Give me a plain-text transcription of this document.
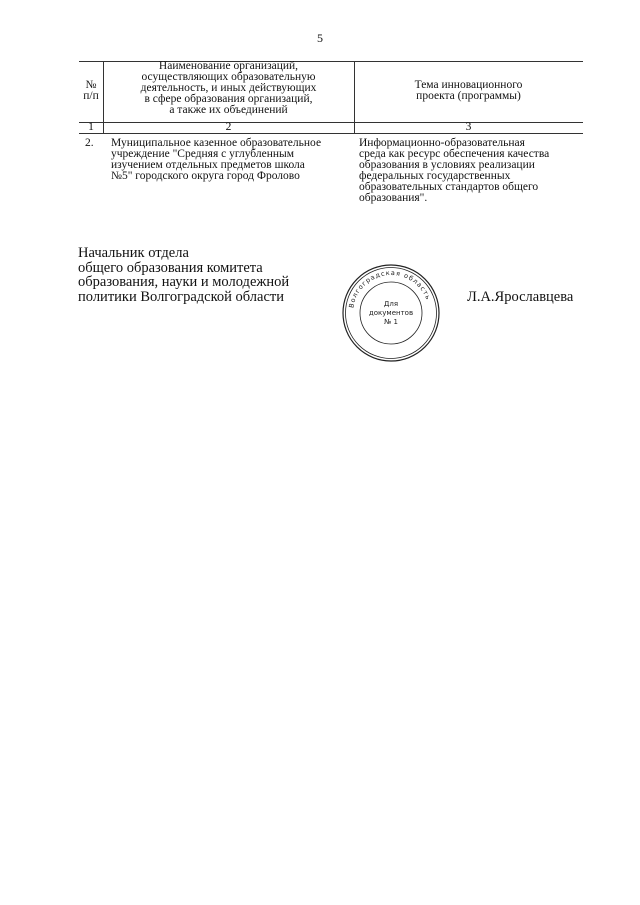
5
№
п/п
Наименование организаций,
осуществляющих образовательную
деятельность, и иных действующих
в сфере образования организаций,
а также их объединений
Тема инновационного
проекта (программы)
1	2	3
2. Муниципальное казенное образовательное
учреждение "Средняя с углубленным
изучением отдельных предметов школа
№5" городского округа город Фролово
Информационно-образовательная
среда как ресурс обеспечения качества
образования в условиях реализации
федеральных государственных
образовательных стандартов общего
образования".
Начальник отдела
общего образования комитета
образования, науки и молодежной
политики Волгоградской области
Волгоградская область
Для
документов
№ 1
Л.А.Ярославцева
